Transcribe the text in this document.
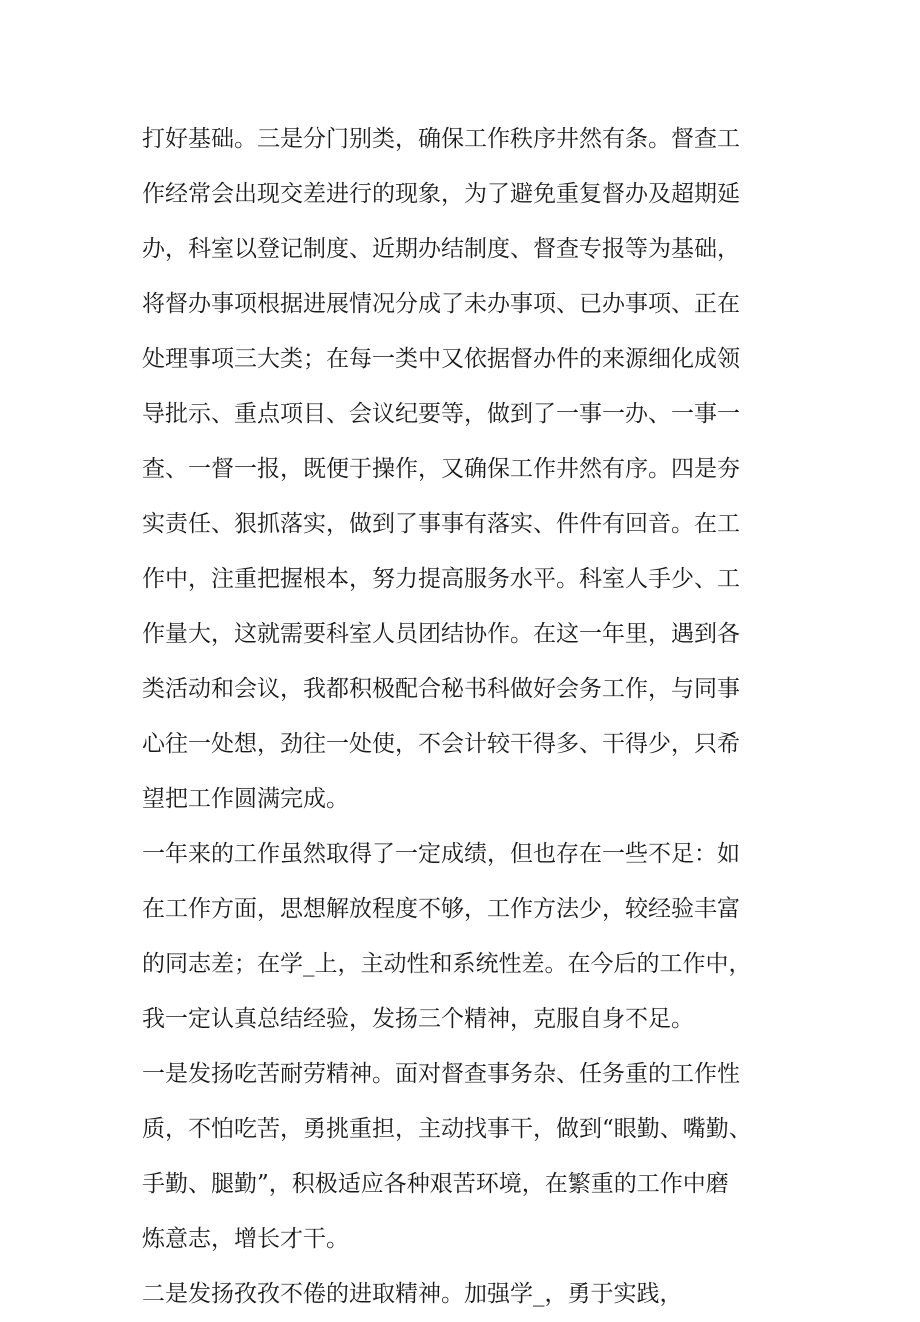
打好基础。三是分门别类，确保工作秩序井然有条。督查工
作经常会出现交差进行的现象，为了避免重复督办及超期延
办，科室以登记制度、近期办结制度、督查专报等为基础，
将督办事项根据进展情况分成了未办事项、已办事项、正在
处理事项三大类；在每一类中又依据督办件的来源细化成领
导批示、重点项目、会议纪要等，做到了一事一办、一事一
查、一督一报，既便于操作，又确保工作井然有序。四是夯
实责任、狠抓落实，做到了事事有落实、件件有回音。在工
作中，注重把握根本，努力提高服务水平。科室人手少、工
作量大，这就需要科室人员团结协作。在这一年里，遇到各
类活动和会议，我都积极配合秘书科做好会务工作，与同事
心往一处想，劲往一处使，不会计较干得多、干得少，只希
望把工作圆满完成。
一年来的工作虽然取得了一定成绩，但也存在一些不足：如
在工作方面，思想解放程度不够，工作方法少，较经验丰富
的同志差；在学_上，主动性和系统性差。在今后的工作中，
我一定认真总结经验，发扬三个精神，克服自身不足。
一是发扬吃苦耐劳精神。面对督查事务杂、任务重的工作性
质，不怕吃苦，勇挑重担，主动找事干，做到“眼勤、嘴勤、
手勤、腿勤”，积极适应各种艰苦环境，在繁重的工作中磨
炼意志，增长才干。
二是发扬孜孜不倦的进取精神。加强学_，勇于实践，
